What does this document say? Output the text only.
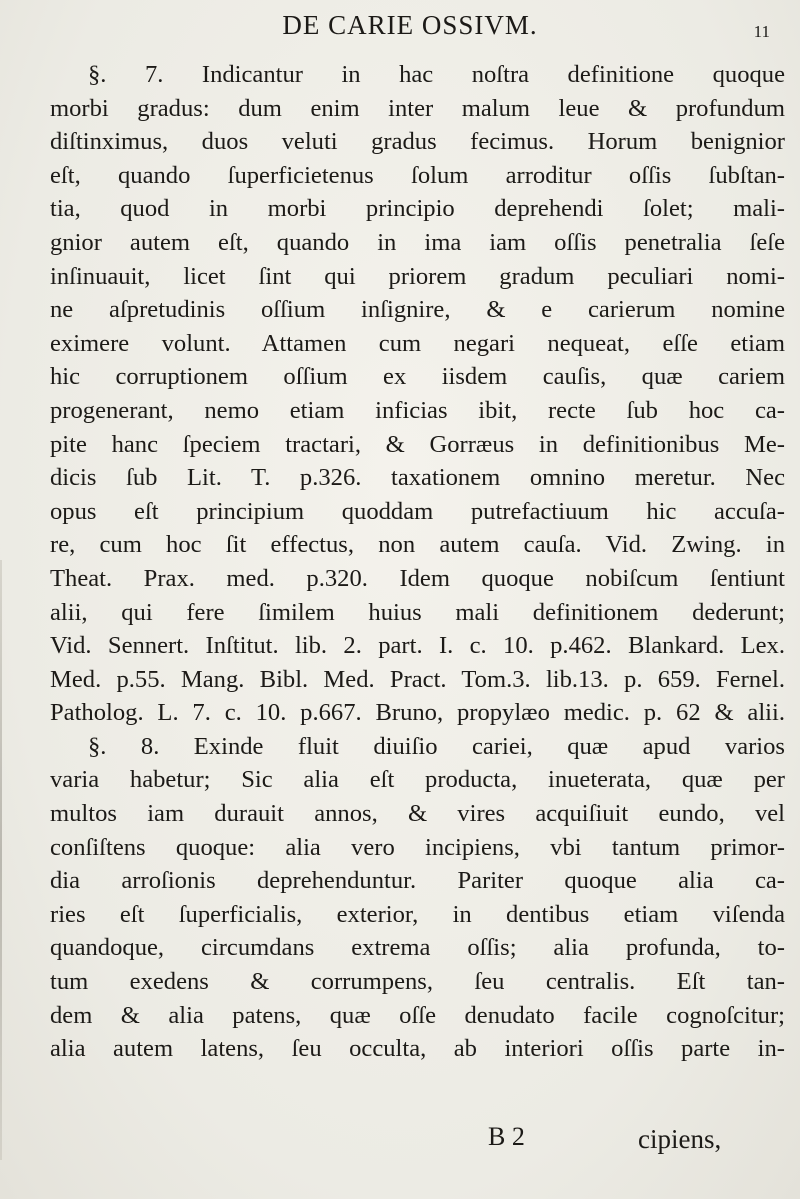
DE CARIE OSSIVM.	11
§. 7. Indicantur in hac noſtra definitione quoque
morbi gradus: dum enim inter malum leue & profundum
diſtinximus, duos veluti gradus fecimus. Horum benignior
eſt, quando ſuperficietenus ſolum arroditur oſſis ſubſtan-
tia, quod in morbi principio deprehendi ſolet; mali-
gnior autem eſt, quando in ima iam oſſis penetralia ſeſe
inſinuauit, licet ſint qui priorem gradum peculiari nomi-
ne aſpretudinis oſſium inſignire, & e carierum nomine
eximere volunt. Attamen cum negari nequeat, eſſe etiam
hic corruptionem oſſium ex iisdem cauſis, quæ cariem
progenerant, nemo etiam inficias ibit, recte ſub hoc ca-
pite hanc ſpeciem tractari, & Gorræus in definitionibus Me-
dicis ſub Lit. T. p.326. taxationem omnino meretur. Nec
opus eſt principium quoddam putrefactiuum hic accuſa-
re, cum hoc ſit effectus, non autem cauſa. Vid. Zwing. in
Theat. Prax. med. p.320. Idem quoque nobiſcum ſentiunt
alii, qui fere ſimilem huius mali definitionem dederunt;
Vid. Sennert. Inſtitut. lib. 2. part. I. c. 10. p.462. Blankard. Lex.
Med. p.55. Mang. Bibl. Med. Pract. Tom.3. lib.13. p. 659. Fernel.
Patholog. L. 7. c. 10. p.667. Bruno, propylæo medic. p. 62 & alii.
§. 8. Exinde fluit diuiſio cariei, quæ apud varios
varia habetur; Sic alia eſt producta, inueterata, quæ per
multos iam durauit annos, & vires acquiſiuit eundo, vel
conſiſtens quoque: alia vero incipiens, vbi tantum primor-
dia arroſionis deprehenduntur. Pariter quoque alia ca-
ries eſt ſuperficialis, exterior, in dentibus etiam viſenda
quandoque, circumdans extrema oſſis; alia profunda, to-
tum exedens & corrumpens, ſeu centralis. Eſt tan-
dem & alia patens, quæ oſſe denudato facile cognoſcitur;
alia autem latens, ſeu occulta, ab interiori oſſis parte in-
B 2	cipiens,
